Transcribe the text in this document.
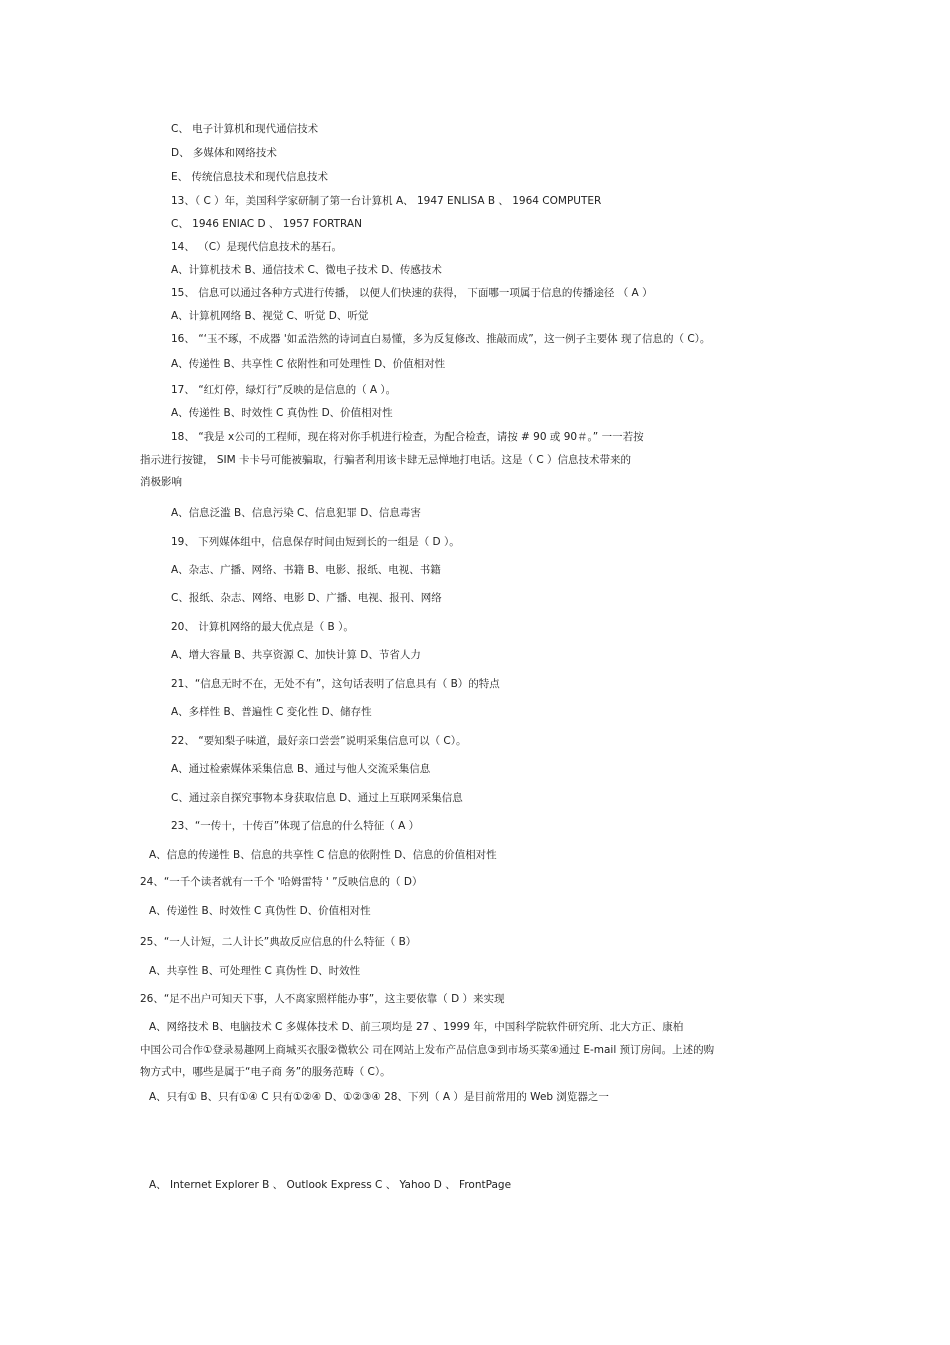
C、 电子计算机和现代通信技术
D、 多媒体和网络技术
E、 传统信息技术和现代信息技术
13、（ C ）年，美国科学家研制了第一台计算机 A、 1947 ENLISA B 、 1964 COMPUTER
C、 1946 ENIAC D 、 1957 FORTRAN
14、 （C）是现代信息技术的基石。
A、计算机技术 B、通信技术 C、微电子技术 D、传感技术
15、 信息可以通过各种方式进行传播， 以便人们快速的获得， 下面哪一项属于信息的传播途径 （ A ）
A、计算机网络 B、视觉 C、听觉 D、听觉
16、 “‘玉不琢，不成器 '如孟浩然的诗词直白易懂，多为反复修改、推敲而成”，这一例子主要体 现了信息的（ C）。
A、传递性 B、共享性 C 依附性和可处理性 D、价值相对性
17、 “红灯停，绿灯行”反映的是信息的（ A ）。
A、传递性 B、时效性 C 真伪性 D、价值相对性
18、 “我是 x公司的工程师，现在将对你手机进行检查，为配合检查，请按 # 90 或 90＃。” 一一若按
指示进行按键， SIM 卡卡号可能被骗取，行骗者利用该卡肆无忌惮地打电话。这是（ C ）信息技术带来的
消极影响
A、信息泛滥 B、信息污染 C、信息犯罪 D、信息毒害
19、 下列媒体组中，信息保存时间由短到长的一组是（ D ）。
A、杂志、广播、网络、书籍 B、电影、报纸、电视、书籍
C、报纸、杂志、网络、电影 D、广播、电视、报刊、网络
20、 计算机网络的最大优点是（ B ）。
A、增大容量 B、共享资源 C、加快计算 D、节省人力
21、“信息无时不在，无处不有”，这句话表明了信息具有（ B）的特点
A、多样性 B、普遍性 C 变化性 D、储存性
22、 “要知梨子味道，最好亲口尝尝”说明采集信息可以（ C）。
A、通过检索媒体采集信息 B、通过与他人交流采集信息
C、通过亲自探究事物本身获取信息 D、通过上互联网采集信息
23、“一传十，十传百”体现了信息的什么特征（ A ）
A、信息的传递性 B、信息的共享性 C 信息的依附性 D、信息的价值相对性
24、“一千个读者就有一千个 '哈姆雷特 ' ”反映信息的（ D）
A、传递性 B、时效性 C 真伪性 D、价值相对性
25、“一人计短，二人计长”典故反应信息的什么特征（ B）
A、共享性 B、可处理性 C 真伪性 D、时效性
26、“足不出户可知天下事，人不离家照样能办事”，这主要依靠（ D ）来实现
A、网络技术 B、电脑技术 C 多媒体技术 D、前三项均是 27 、1999 年，中国科学院软件研究所、北大方正、康柏
中国公司合作①登录易趣网上商城买衣服②微软公 司在网站上发布产品信息③到市场买菜④通过 E-mail 预订房间。上述的购
物方式中，哪些是属于“电子商 务”的服务范畴（ C）。
A、只有① B、只有①④ C 只有①②④ D、①②③④ 28、下列（ A ）是目前常用的 Web 浏览器之一
A、 Internet Explorer B 、 Outlook Express C 、 Yahoo D 、 FrontPage
